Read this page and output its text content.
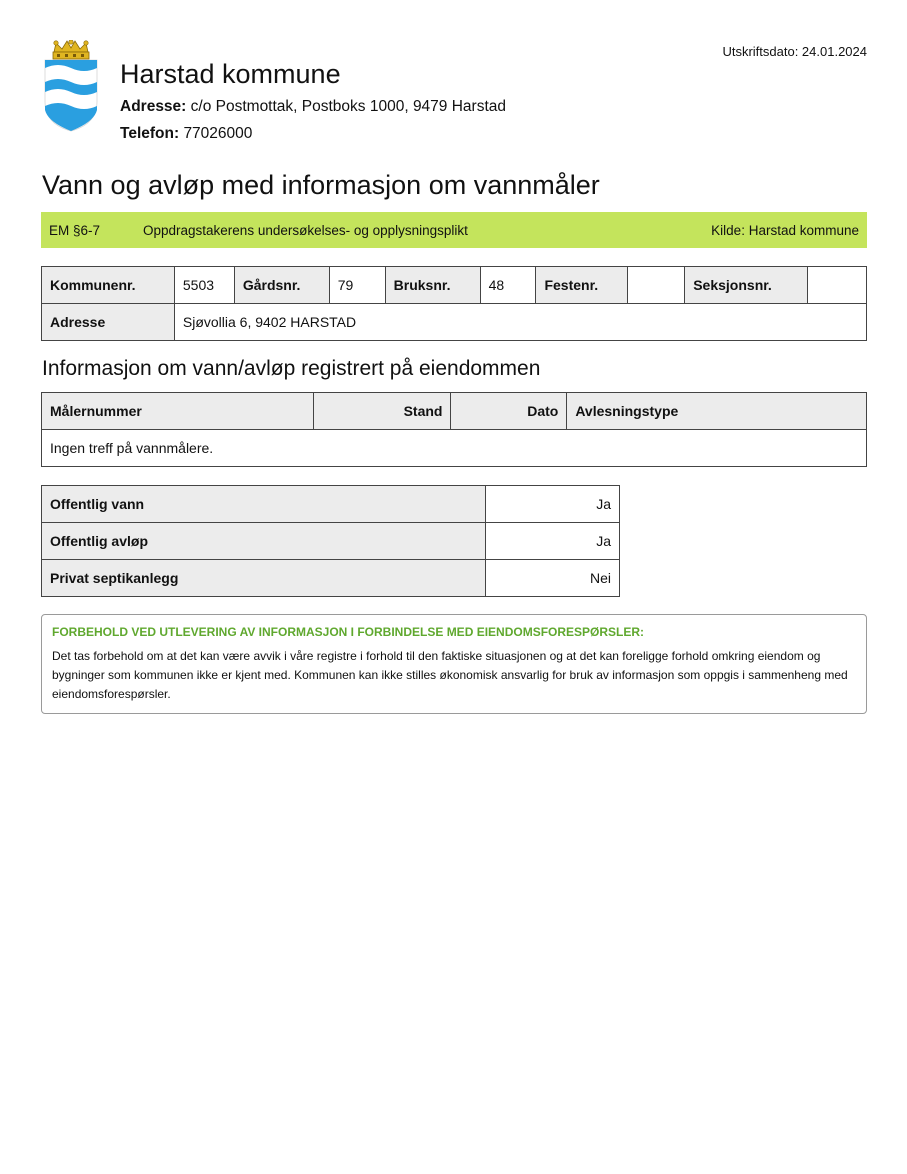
Utskriftsdato: 24.01.2024
Harstad kommune
Adresse: c/o Postmottak, Postboks 1000, 9479 Harstad
Telefon: 77026000
Vann og avløp med informasjon om vannmåler
EM §6-7	Oppdragstakerens undersøkelses- og opplysningsplikt	Kilde: Harstad kommune
Kommunenr.	5503	Gårdsnr.	79	Bruksnr.	48	Festenr.		Seksjonsnr.	
Adresse	Sjøvollia 6, 9402 HARSTAD								
Informasjon om vann/avløp registrert på eiendommen
Målernummer	Stand	Dato	Avlesningstype
Ingen treff på vannmålere.
Offentlig vann	Ja
Offentlig avløp	Ja
Privat septikanlegg	Nei
FORBEHOLD VED UTLEVERING AV INFORMASJON I FORBINDELSE MED EIENDOMSFORESPØRSLER:
Det tas forbehold om at det kan være avvik i våre registre i forhold til den faktiske situasjonen og at det kan foreligge forhold omkring eiendom og bygninger som kommunen ikke er kjent med. Kommunen kan ikke stilles økonomisk ansvarlig for bruk av informasjon som oppgis i sammenheng med eiendomsforespørsler.
